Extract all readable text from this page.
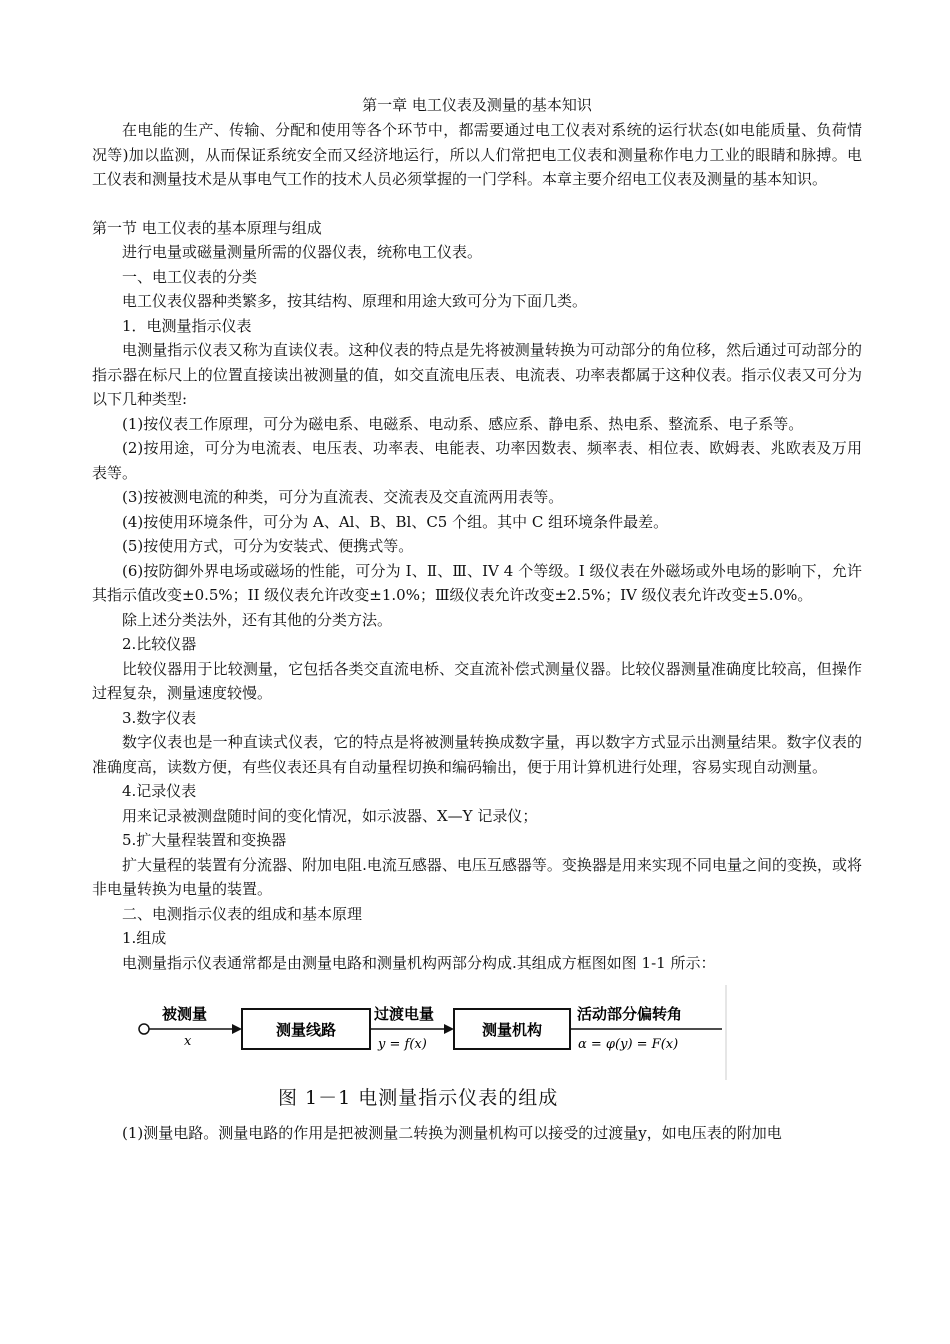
第一章 电工仪表及测量的基本知识

在电能的生产、传输、分配和使用等各个环节中，都需要通过电工仪表对系统的运行状态(如电能质量、负荷情况等)加以监测，从而保证系统安全而又经济地运行，所以人们常把电工仪表和测量称作电力工业的眼睛和脉搏。电工仪表和测量技术是从事电气工作的技术人员必须掌握的一门学科。本章主要介绍电工仪表及测量的基本知识。

第一节 电工仪表的基本原理与组成

进行电量或磁量测量所需的仪器仪表，统称电工仪表。

一、电工仪表的分类

电工仪表仪器种类繁多，按其结构、原理和用途大致可分为下面几类。

1．电测量指示仪表

电测量指示仪表又称为直读仪表。这种仪表的特点是先将被测量转换为可动部分的角位移，然后通过可动部分的指示器在标尺上的位置直接读出被测量的值，如交直流电压表、电流表、功率表都属于这种仪表。指示仪表又可分为以下几种类型:

(1)按仪表工作原理，可分为磁电系、电磁系、电动系、感应系、静电系、热电系、整流系、电子系等。

(2)按用途，可分为电流表、电压表、功率表、电能表、功率因数表、频率表、相位表、欧姆表、兆欧表及万用表等。

(3)按被测电流的种类，可分为直流表、交流表及交直流两用表等。

(4)按使用环境条件，可分为 A、Al、B、Bl、C5 个组。其中 C 组环境条件最差。

(5)按使用方式，可分为安装式、便携式等。

(6)按防御外界电场或磁场的性能，可分为 I、Ⅱ、Ⅲ、IV 4 个等级。I 级仪表在外磁场或外电场的影响下，允许其指示值改变±0.5%；II 级仪表允许改变±1.0%；Ⅲ级仪表允许改变±2.5%；IV 级仪表允许改变±5.0%。

除上述分类法外，还有其他的分类方法。

2.比较仪器

比较仪器用于比较测量，它包括各类交直流电桥、交直流补偿式测量仪器。比较仪器测量准确度比较高，但操作过程复杂，测量速度较慢。

3.数字仪表

数字仪表也是一种直读式仪表，它的特点是将被测量转换成数字量，再以数字方式显示出测量结果。数字仪表的准确度高，读数方便，有些仪表还具有自动量程切换和编码输出，便于用计算机进行处理，容易实现自动测量。

4.记录仪表

用来记录被测盘随时间的变化情况，如示波器、X—Y 记录仪；

5.扩大量程装置和变换器

扩大量程的装置有分流器、附加电阻.电流互感器、电压互感器等。变换器是用来实现不同电量之间的变换，或将非电量转换为电量的装置。

二、电测指示仪表的组成和基本原理

1.组成

电测量指示仪表通常都是由测量电路和测量机构两部分构成.其组成方框图如图 1-1 所示：

被测量
x
测量线路
过渡电量
y = f(x)
测量机构
活动部分偏转角
α = φ(y) = F(x)
图 1－1 电测量指示仪表的组成

(1)测量电路。测量电路的作用是把被测量二转换为测量机构可以接受的过渡量y，如电压表的附加电
